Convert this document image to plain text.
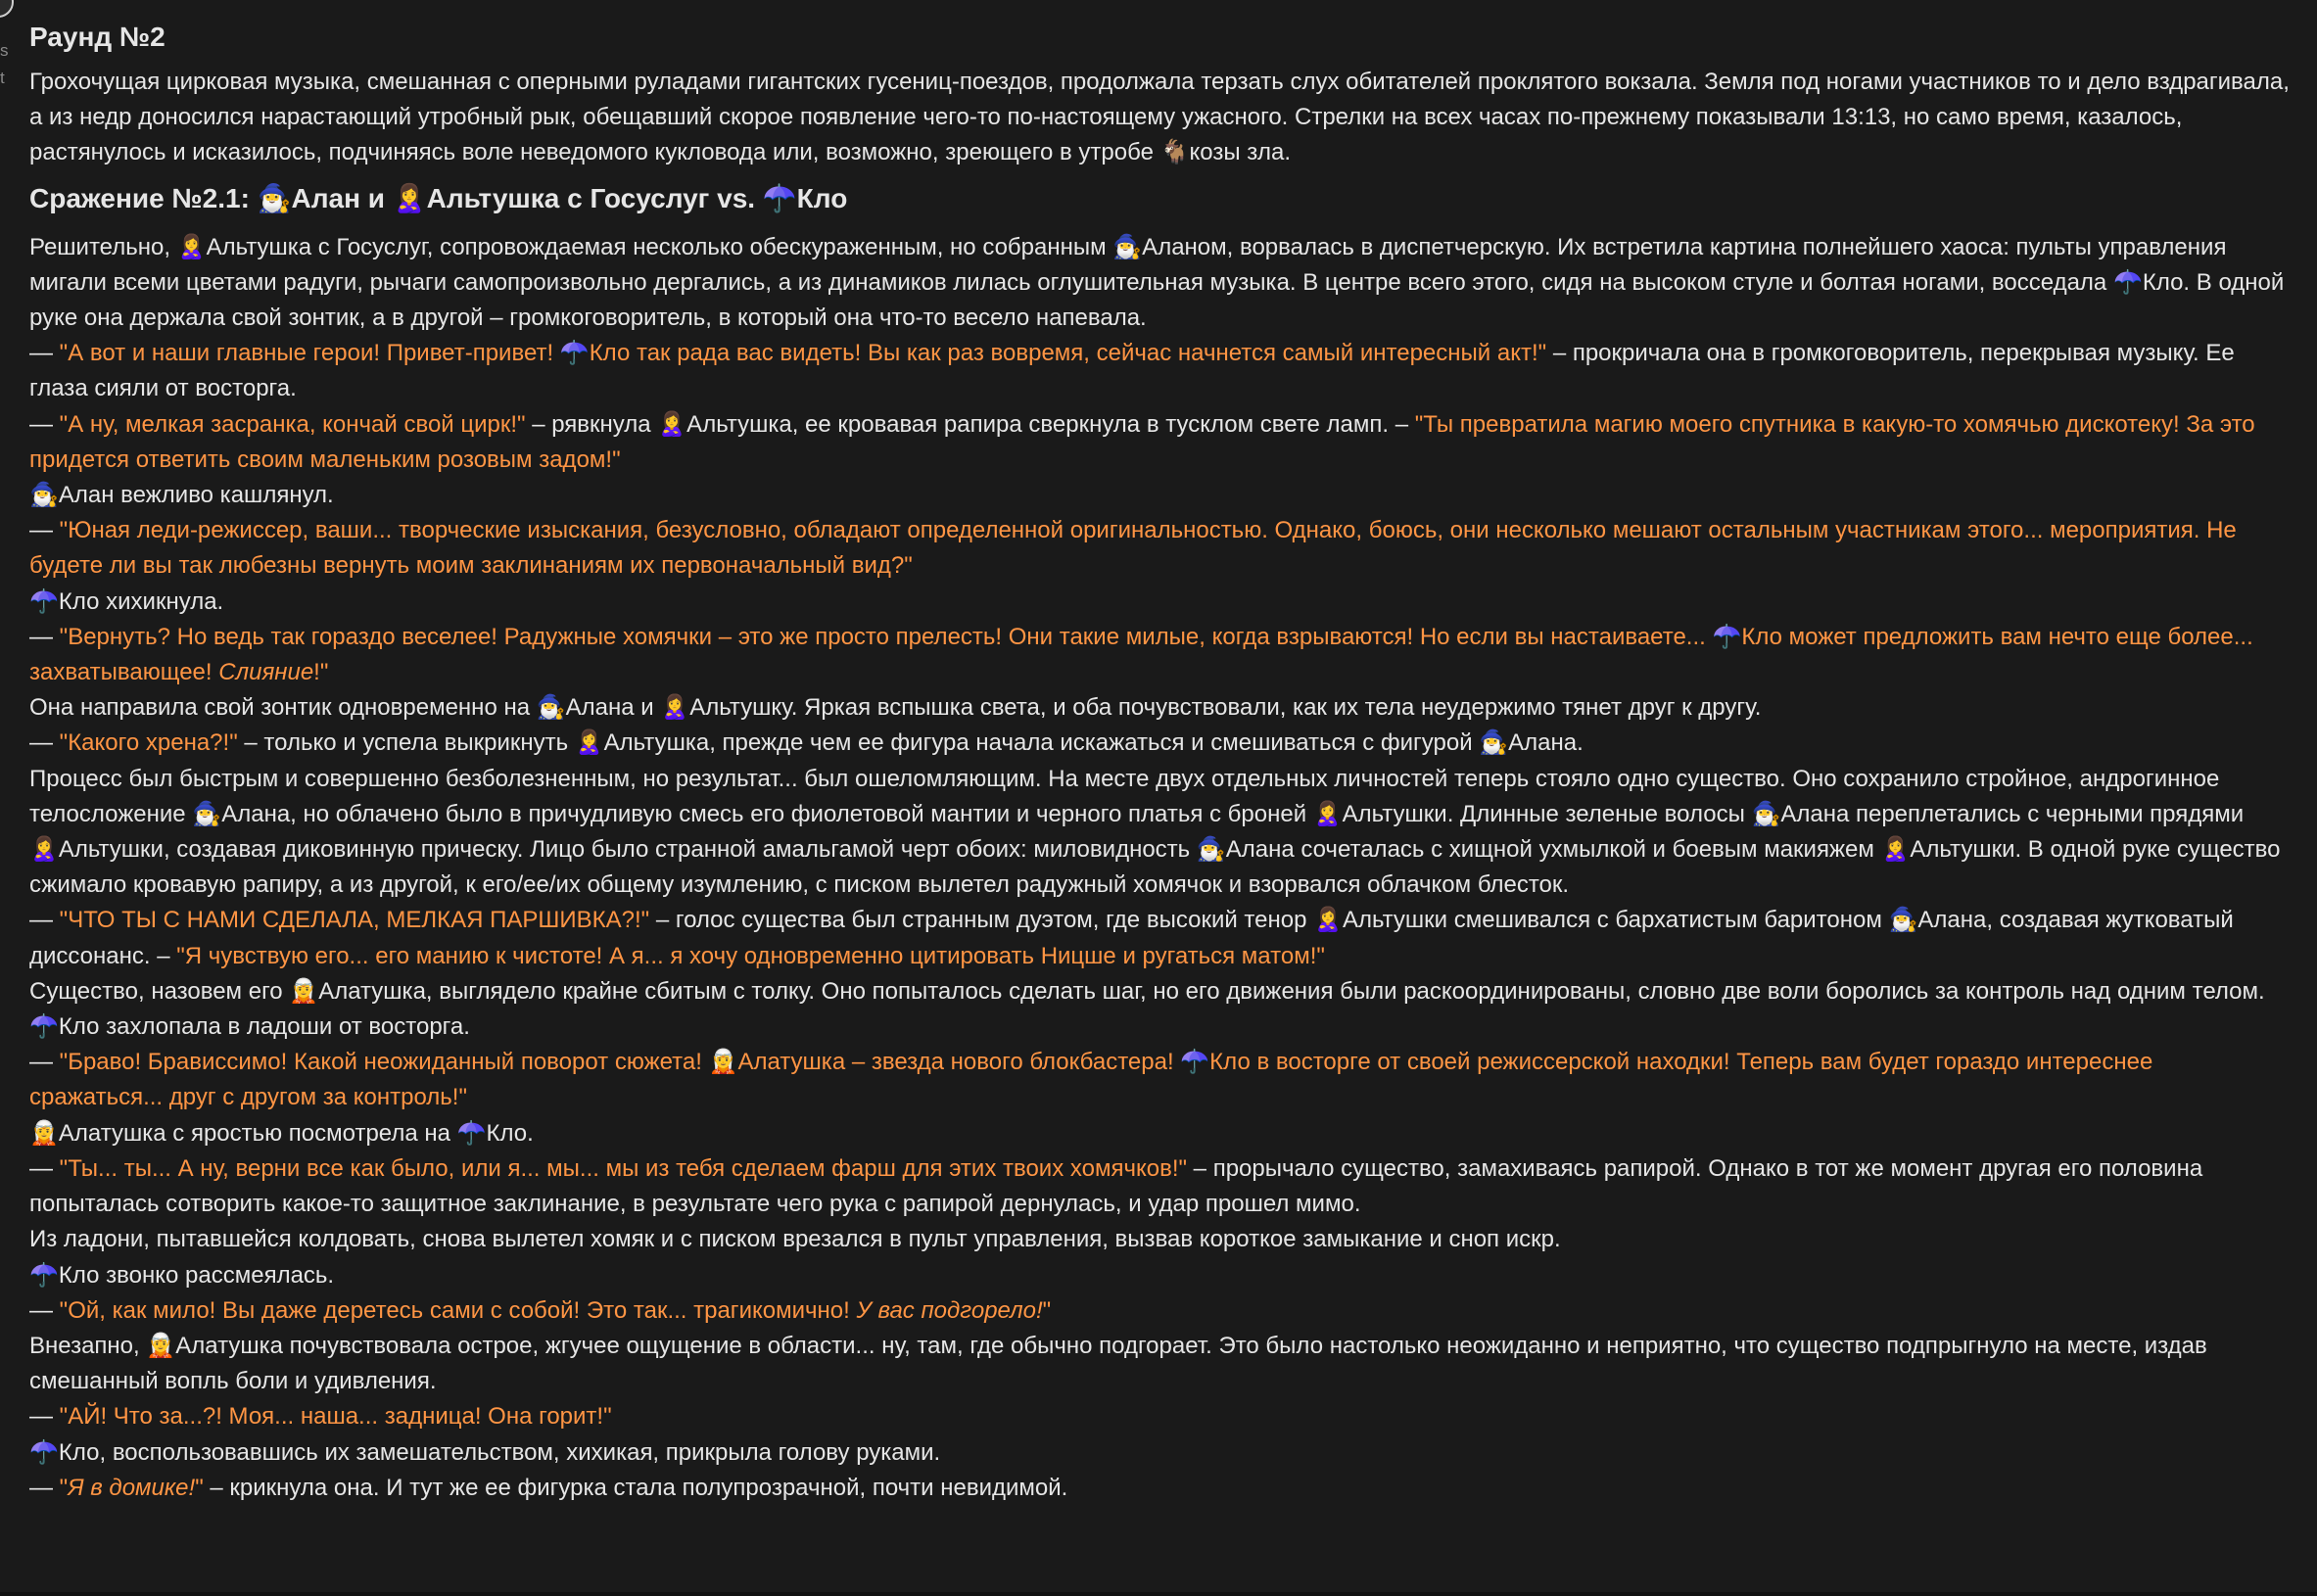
s
t
Раунд №2

Грохочущая цирковая музыка, смешанная с оперными руладами гигантских гусениц-поездов, продолжала терзать слух обитателей проклятого вокзала. Земля под ногами участников то и дело вздрагивала, а из недр доносился нарастающий утробный рык, обещавший скорое появление чего-то по-настоящему ужасного. Стрелки на всех часах по-прежнему показывали 13:13, но само время, казалось, растянулось и исказилось, подчиняясь воле неведомого кукловода или, возможно, зреющего в утробе 🐐козы зла.

Сражение №2.1: 🧙‍♂️Алан и 🙎‍♀️Альтушка с Госуслуг vs. ☂️Кло
Решительно, 🙎‍♀️Альтушка с Госуслуг, сопровождаемая несколько обескураженным, но собранным 🧙‍♂️Аланом, ворвалась в диспетчерскую. Их встретила картина полнейшего хаоса: пульты управления мигали всеми цветами радуги, рычаги самопроизвольно дергались, а из динамиков лилась оглушительная музыка. В центре всего этого, сидя на высоком стуле и болтая ногами, восседала ☂️Кло. В одной руке она держала свой зонтик, а в другой – громкоговоритель, в который она что-то весело напевала.
— "А вот и наши главные герои! Привет-привет! ☂️Кло так рада вас видеть! Вы как раз вовремя, сейчас начнется самый интересный акт!" – прокричала она в громкоговоритель, перекрывая музыку. Ее глаза сияли от восторга.
— "А ну, мелкая засранка, кончай свой цирк!" – рявкнула 🙎‍♀️Альтушка, ее кровавая рапира сверкнула в тусклом свете ламп. – "Ты превратила магию моего спутника в какую-то хомячью дискотеку! За это придется ответить своим маленьким розовым задом!"
🧙‍♂️Алан вежливо кашлянул.
— "Юная леди-режиссер, ваши... творческие изыскания, безусловно, обладают определенной оригинальностью. Однако, боюсь, они несколько мешают остальным участникам этого... мероприятия. Не будете ли вы так любезны вернуть моим заклинаниям их первоначальный вид?"
☂️Кло хихикнула.
— "Вернуть? Но ведь так гораздо веселее! Радужные хомячки – это же просто прелесть! Они такие милые, когда взрываются! Но если вы настаиваете... ☂️Кло может предложить вам нечто еще более... захватывающее! Слияние!"
Она направила свой зонтик одновременно на 🧙‍♂️Алана и 🙎‍♀️Альтушку. Яркая вспышка света, и оба почувствовали, как их тела неудержимо тянет друг к другу.
— "Какого хрена?!" – только и успела выкрикнуть 🙎‍♀️Альтушка, прежде чем ее фигура начала искажаться и смешиваться с фигурой 🧙‍♂️Алана.
Процесс был быстрым и совершенно безболезненным, но результат... был ошеломляющим. На месте двух отдельных личностей теперь стояло одно существо. Оно сохранило стройное, андрогинное телосложение 🧙‍♂️Алана, но облачено было в причудливую смесь его фиолетовой мантии и черного платья с броней 🙎‍♀️Альтушки. Длинные зеленые волосы 🧙‍♂️Алана переплетались с черными прядями 🙎‍♀️Альтушки, создавая диковинную прическу. Лицо было странной амальгамой черт обоих: миловидность 🧙‍♂️Алана сочеталась с хищной ухмылкой и боевым макияжем 🙎‍♀️Альтушки. В одной руке существо сжимало кровавую рапиру, а из другой, к его/ее/их общему изумлению, с писком вылетел радужный хомячок и взорвался облачком блесток.
— "ЧТО ТЫ С НАМИ СДЕЛАЛА, МЕЛКАЯ ПАРШИВКА?!" – голос существа был странным дуэтом, где высокий тенор 🙎‍♀️Альтушки смешивался с бархатистым баритоном 🧙‍♂️Алана, создавая жутковатый диссонанс. – "Я чувствую его... его манию к чистоте! А я... я хочу одновременно цитировать Ницше и ругаться матом!"
Существо, назовем его 🧝Алатушка, выглядело крайне сбитым с толку. Оно попыталось сделать шаг, но его движения были раскоординированы, словно две воли боролись за контроль над одним телом.
☂️Кло захлопала в ладоши от восторга.
— "Браво! Брависсимо! Какой неожиданный поворот сюжета! 🧝Алатушка – звезда нового блокбастера! ☂️Кло в восторге от своей режиссерской находки! Теперь вам будет гораздо интереснее сражаться... друг с другом за контроль!"
🧝Алатушка с яростью посмотрела на ☂️Кло.
— "Ты... ты... А ну, верни все как было, или я... мы... мы из тебя сделаем фарш для этих твоих хомячков!" – прорычало существо, замахиваясь рапирой. Однако в тот же момент другая его половина попыталась сотворить какое-то защитное заклинание, в результате чего рука с рапирой дернулась, и удар прошел мимо.
Из ладони, пытавшейся колдовать, снова вылетел хомяк и с писком врезался в пульт управления, вызвав короткое замыкание и сноп искр.
☂️Кло звонко рассмеялась.
— "Ой, как мило! Вы даже деретесь сами с собой! Это так... трагикомично! У вас подгорело!"
Внезапно, 🧝Алатушка почувствовала острое, жгучее ощущение в области... ну, там, где обычно подгорает. Это было настолько неожиданно и неприятно, что существо подпрыгнуло на месте, издав смешанный вопль боли и удивления.
— "АЙ! Что за...?! Моя... наша... задница! Она горит!"
☂️Кло, воспользовавшись их замешательством, хихикая, прикрыла голову руками.
— "Я в домике!" – крикнула она. И тут же ее фигурка стала полупрозрачной, почти невидимой.
